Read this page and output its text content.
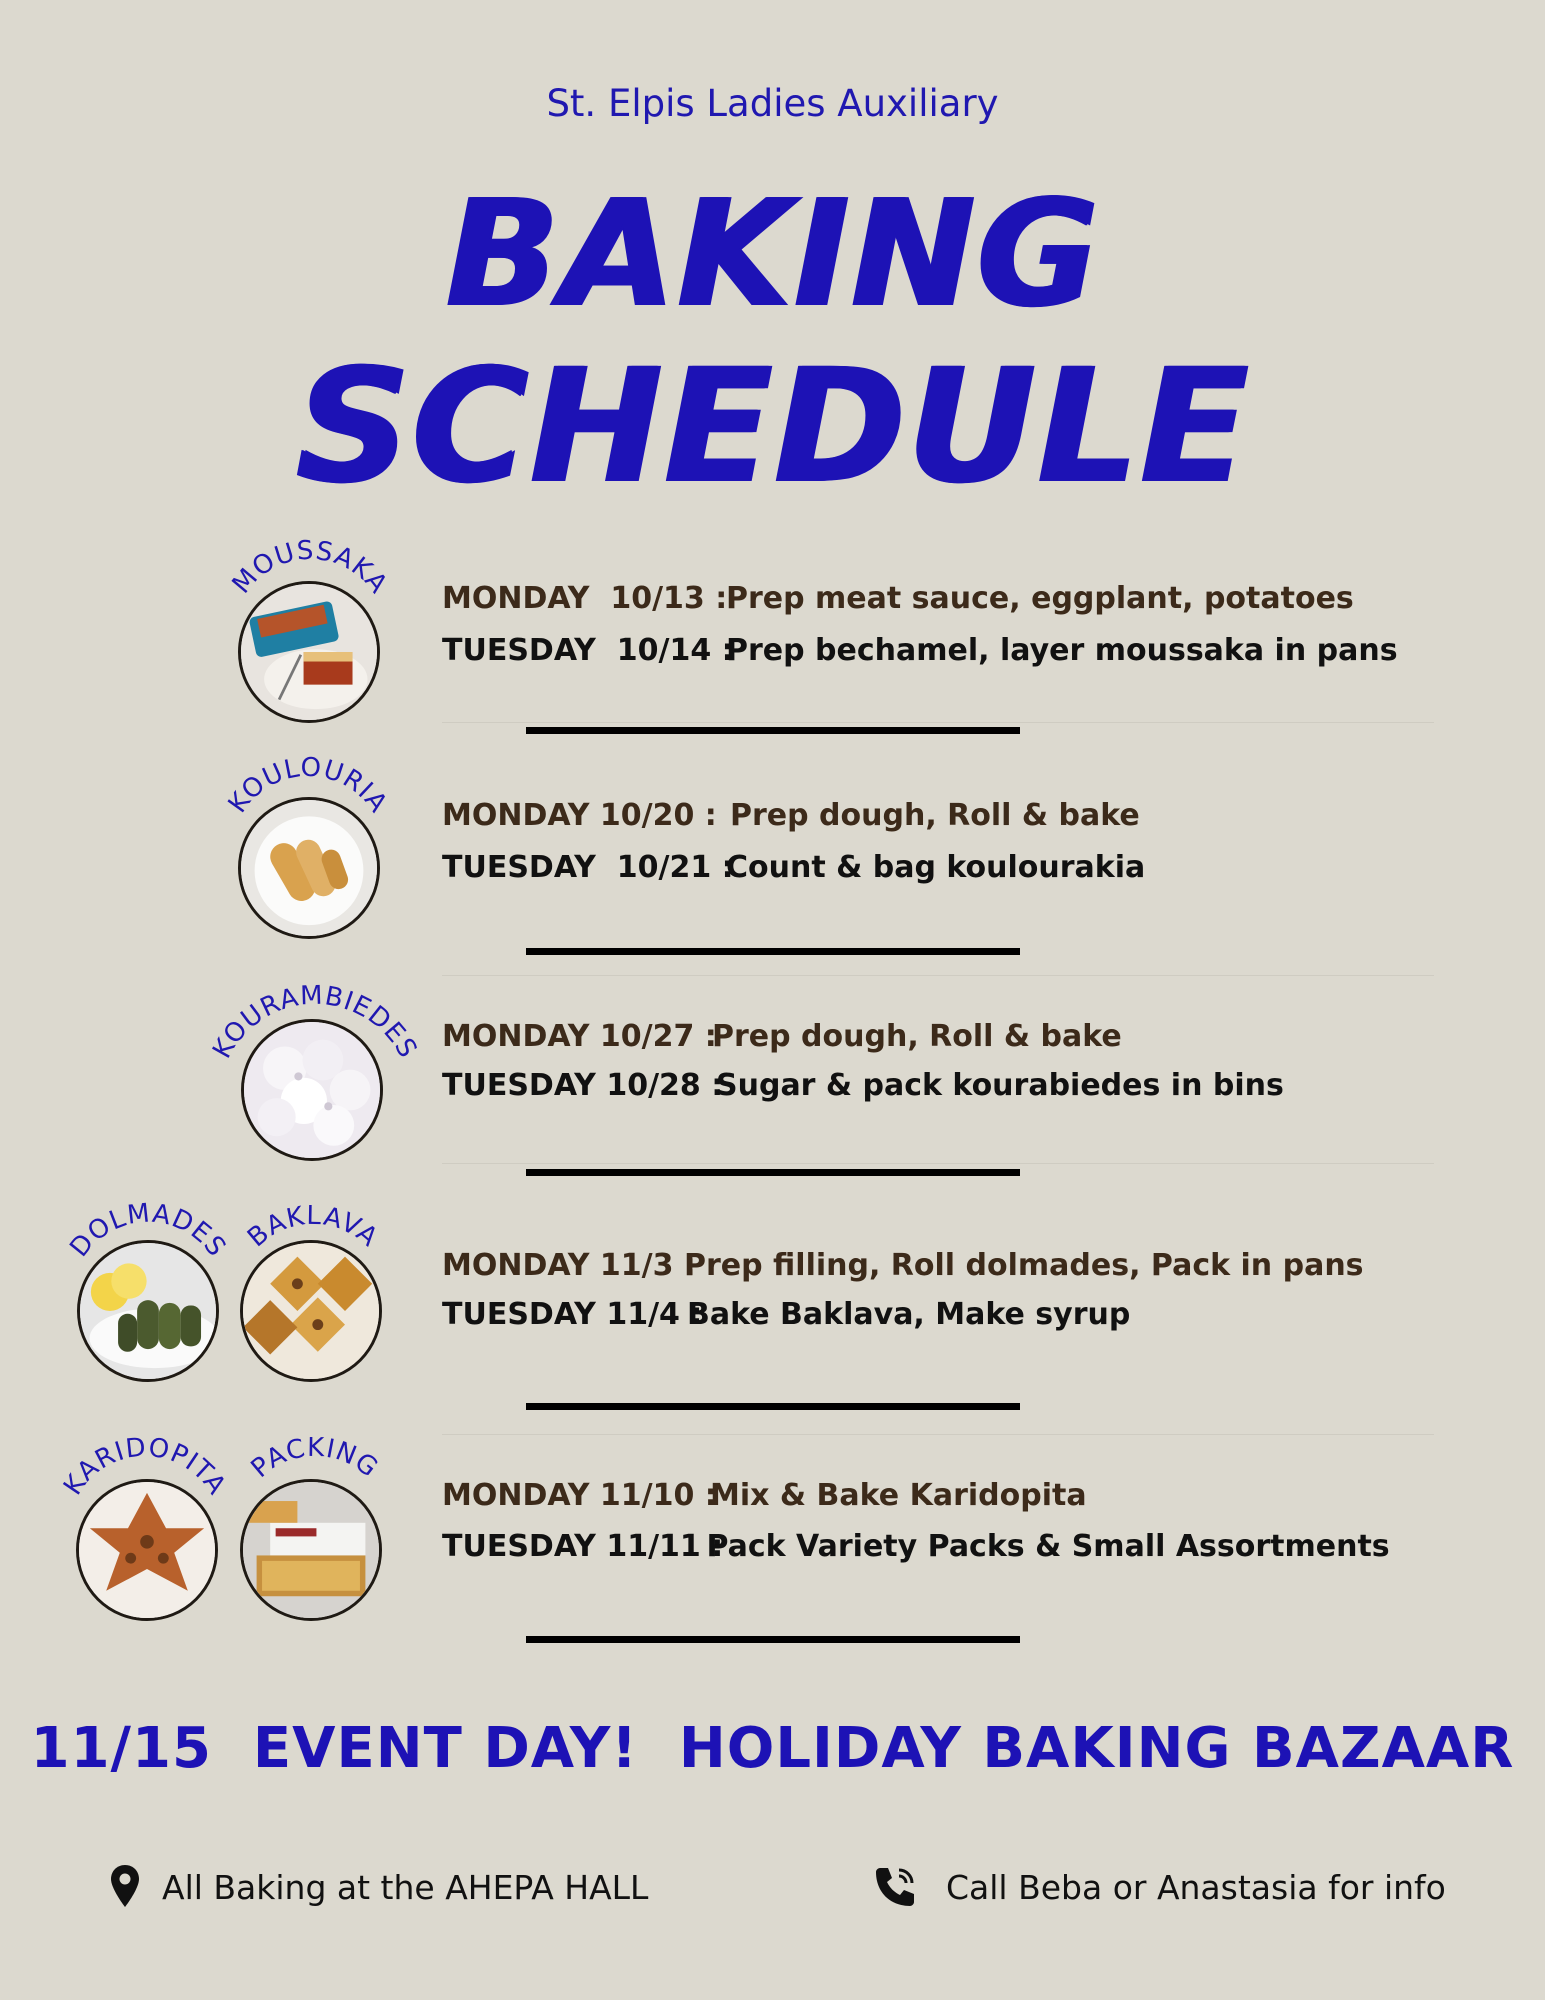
St. Elpis Ladies Auxiliary
BAKING
SCHEDULE
MOUSSAKA MONDAY  10/13 :Prep meat sauce, eggplant, potatoes
TUESDAY  10/14 :Prep bechamel, layer moussaka in pans
KOULOURIA MONDAY 10/20 : Prep dough, Roll & bake
TUESDAY  10/21 :Count & bag koulourakia
KOURAMBIEDES MONDAY 10/27 :Prep dough, Roll & bake
TUESDAY 10/28 :Sugar & pack kourabiedes in bins
DOLMADES BAKLAVA
MONDAY 11/3 :Prep filling, Roll dolmades, Pack in pans
TUESDAY 11/4 :Bake Baklava, Make syrup
KARIDOPITA
PACKING
MONDAY 11/10 :Mix & Bake Karidopita
TUESDAY 11/11 : Pack Variety Packs & Small Assortments
11/15  EVENT DAY!  HOLIDAY BAKING BAZAAR
All Baking at the AHEPA HALL	Call Beba or Anastasia for info
